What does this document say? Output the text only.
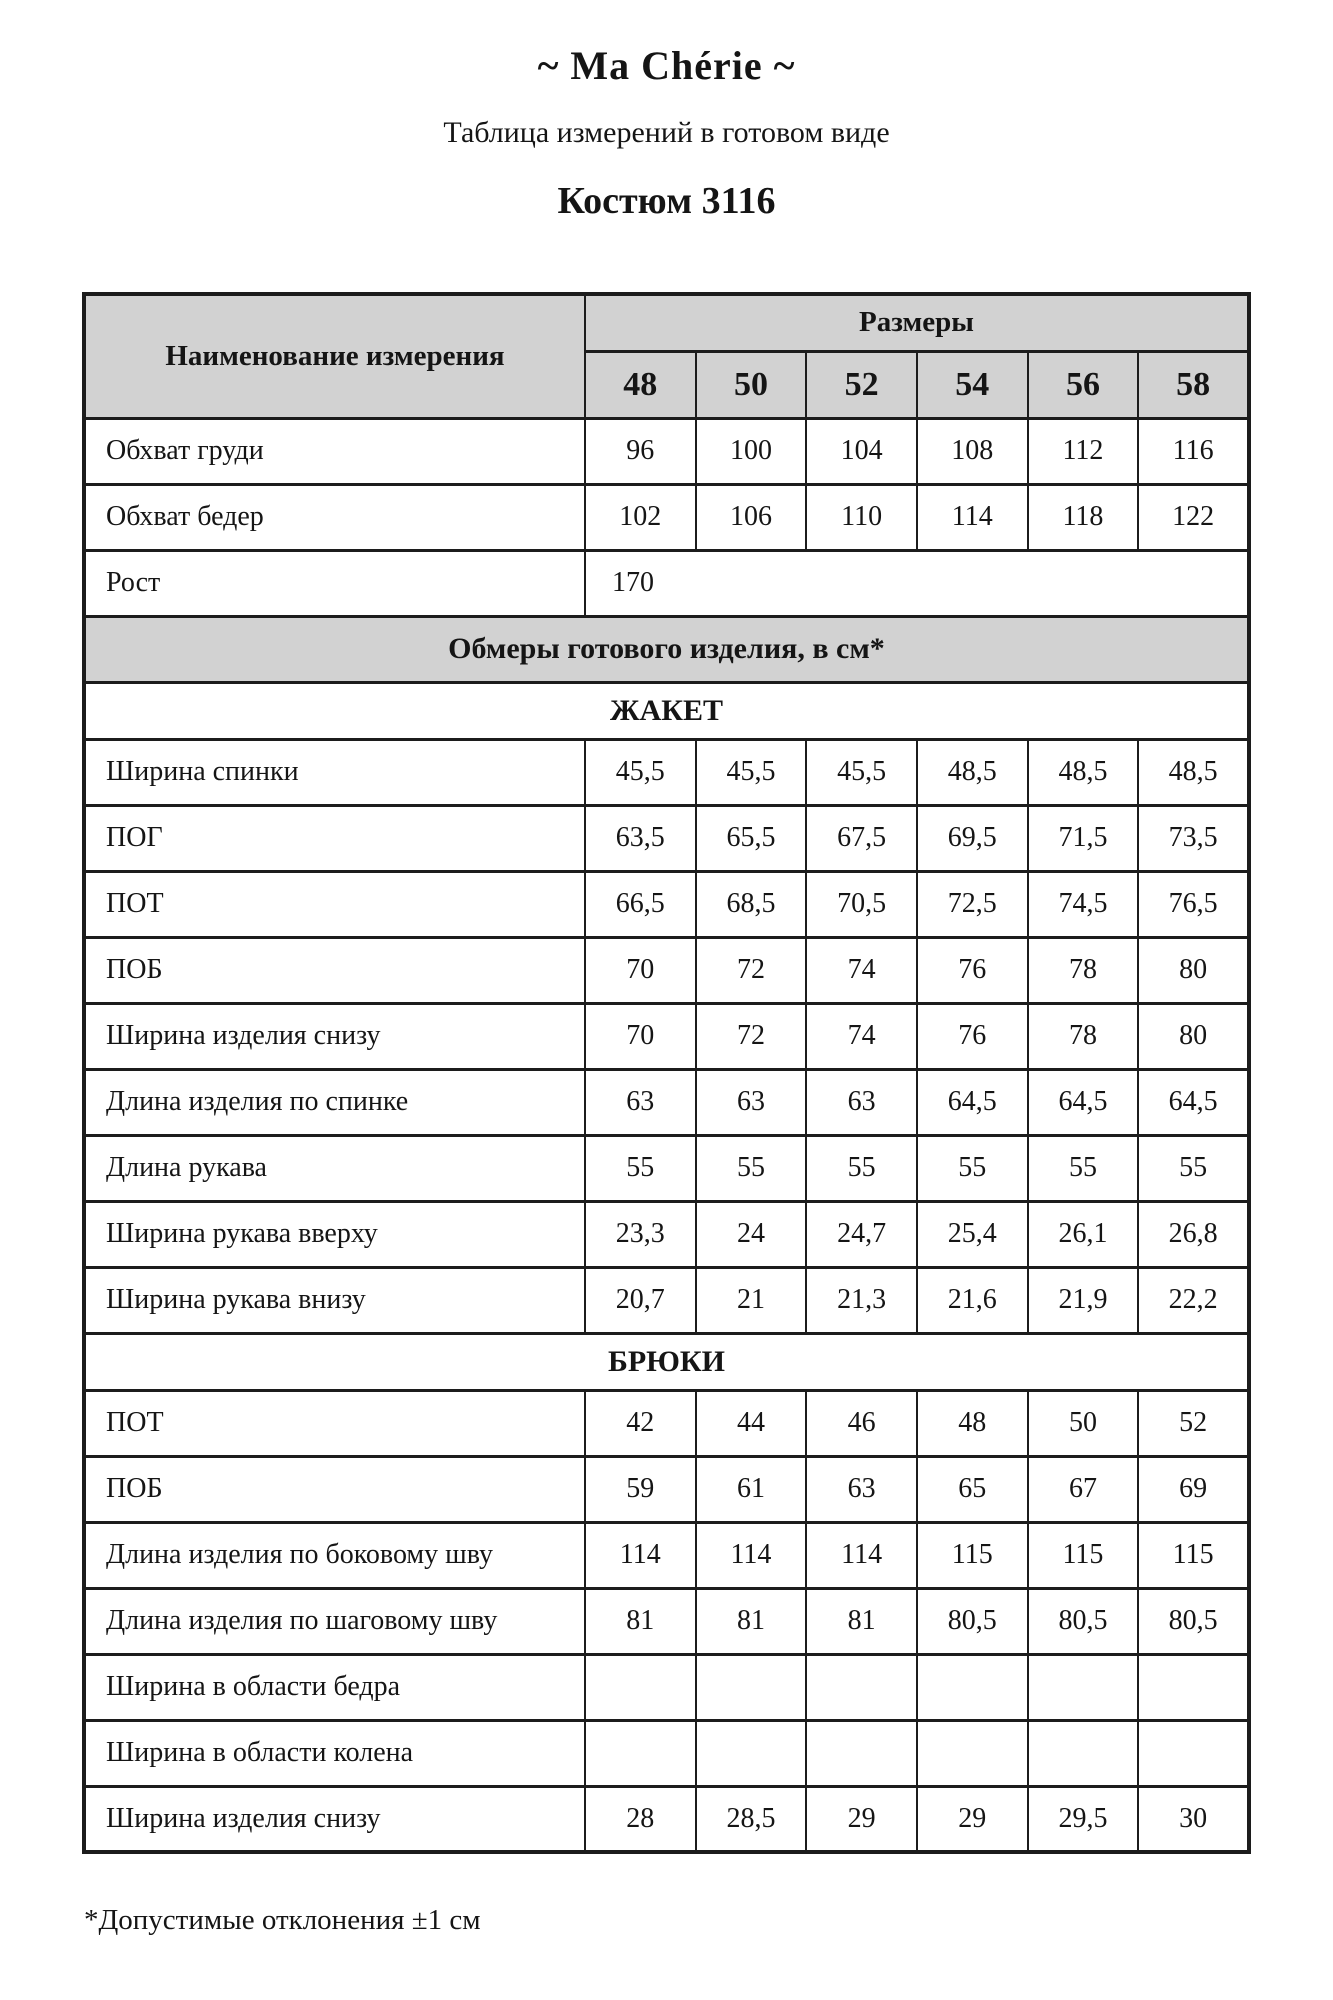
~ Ma Chérie ~
Таблица измерений в готовом виде
Костюм 3116
Наименование измерения	Размеры					
	48	50	52	54	56	58
Обхват груди	96	100	104	108	112	116
Обхват бедер	102	106	110	114	118	122
Рост	170					
Обмеры готового изделия, в см*						
ЖАКЕТ						
Ширина спинки	45,5	45,5	45,5	48,5	48,5	48,5
ПОГ	63,5	65,5	67,5	69,5	71,5	73,5
ПОТ	66,5	68,5	70,5	72,5	74,5	76,5
ПОБ	70	72	74	76	78	80
Ширина изделия снизу	70	72	74	76	78	80
Длина изделия по спинке	63	63	63	64,5	64,5	64,5
Длина рукава	55	55	55	55	55	55
Ширина рукава вверху	23,3	24	24,7	25,4	26,1	26,8
Ширина рукава внизу	20,7	21	21,3	21,6	21,9	22,2
БРЮКИ						
ПОТ	42	44	46	48	50	52
ПОБ	59	61	63	65	67	69
Длина изделия по боковому шву	114	114	114	115	115	115
Длина изделия по шаговому шву	81	81	81	80,5	80,5	80,5
Ширина в области бедра						
Ширина в области колена						
Ширина изделия снизу	28	28,5	29	29	29,5	30
*Допустимые отклонения ±1 см
